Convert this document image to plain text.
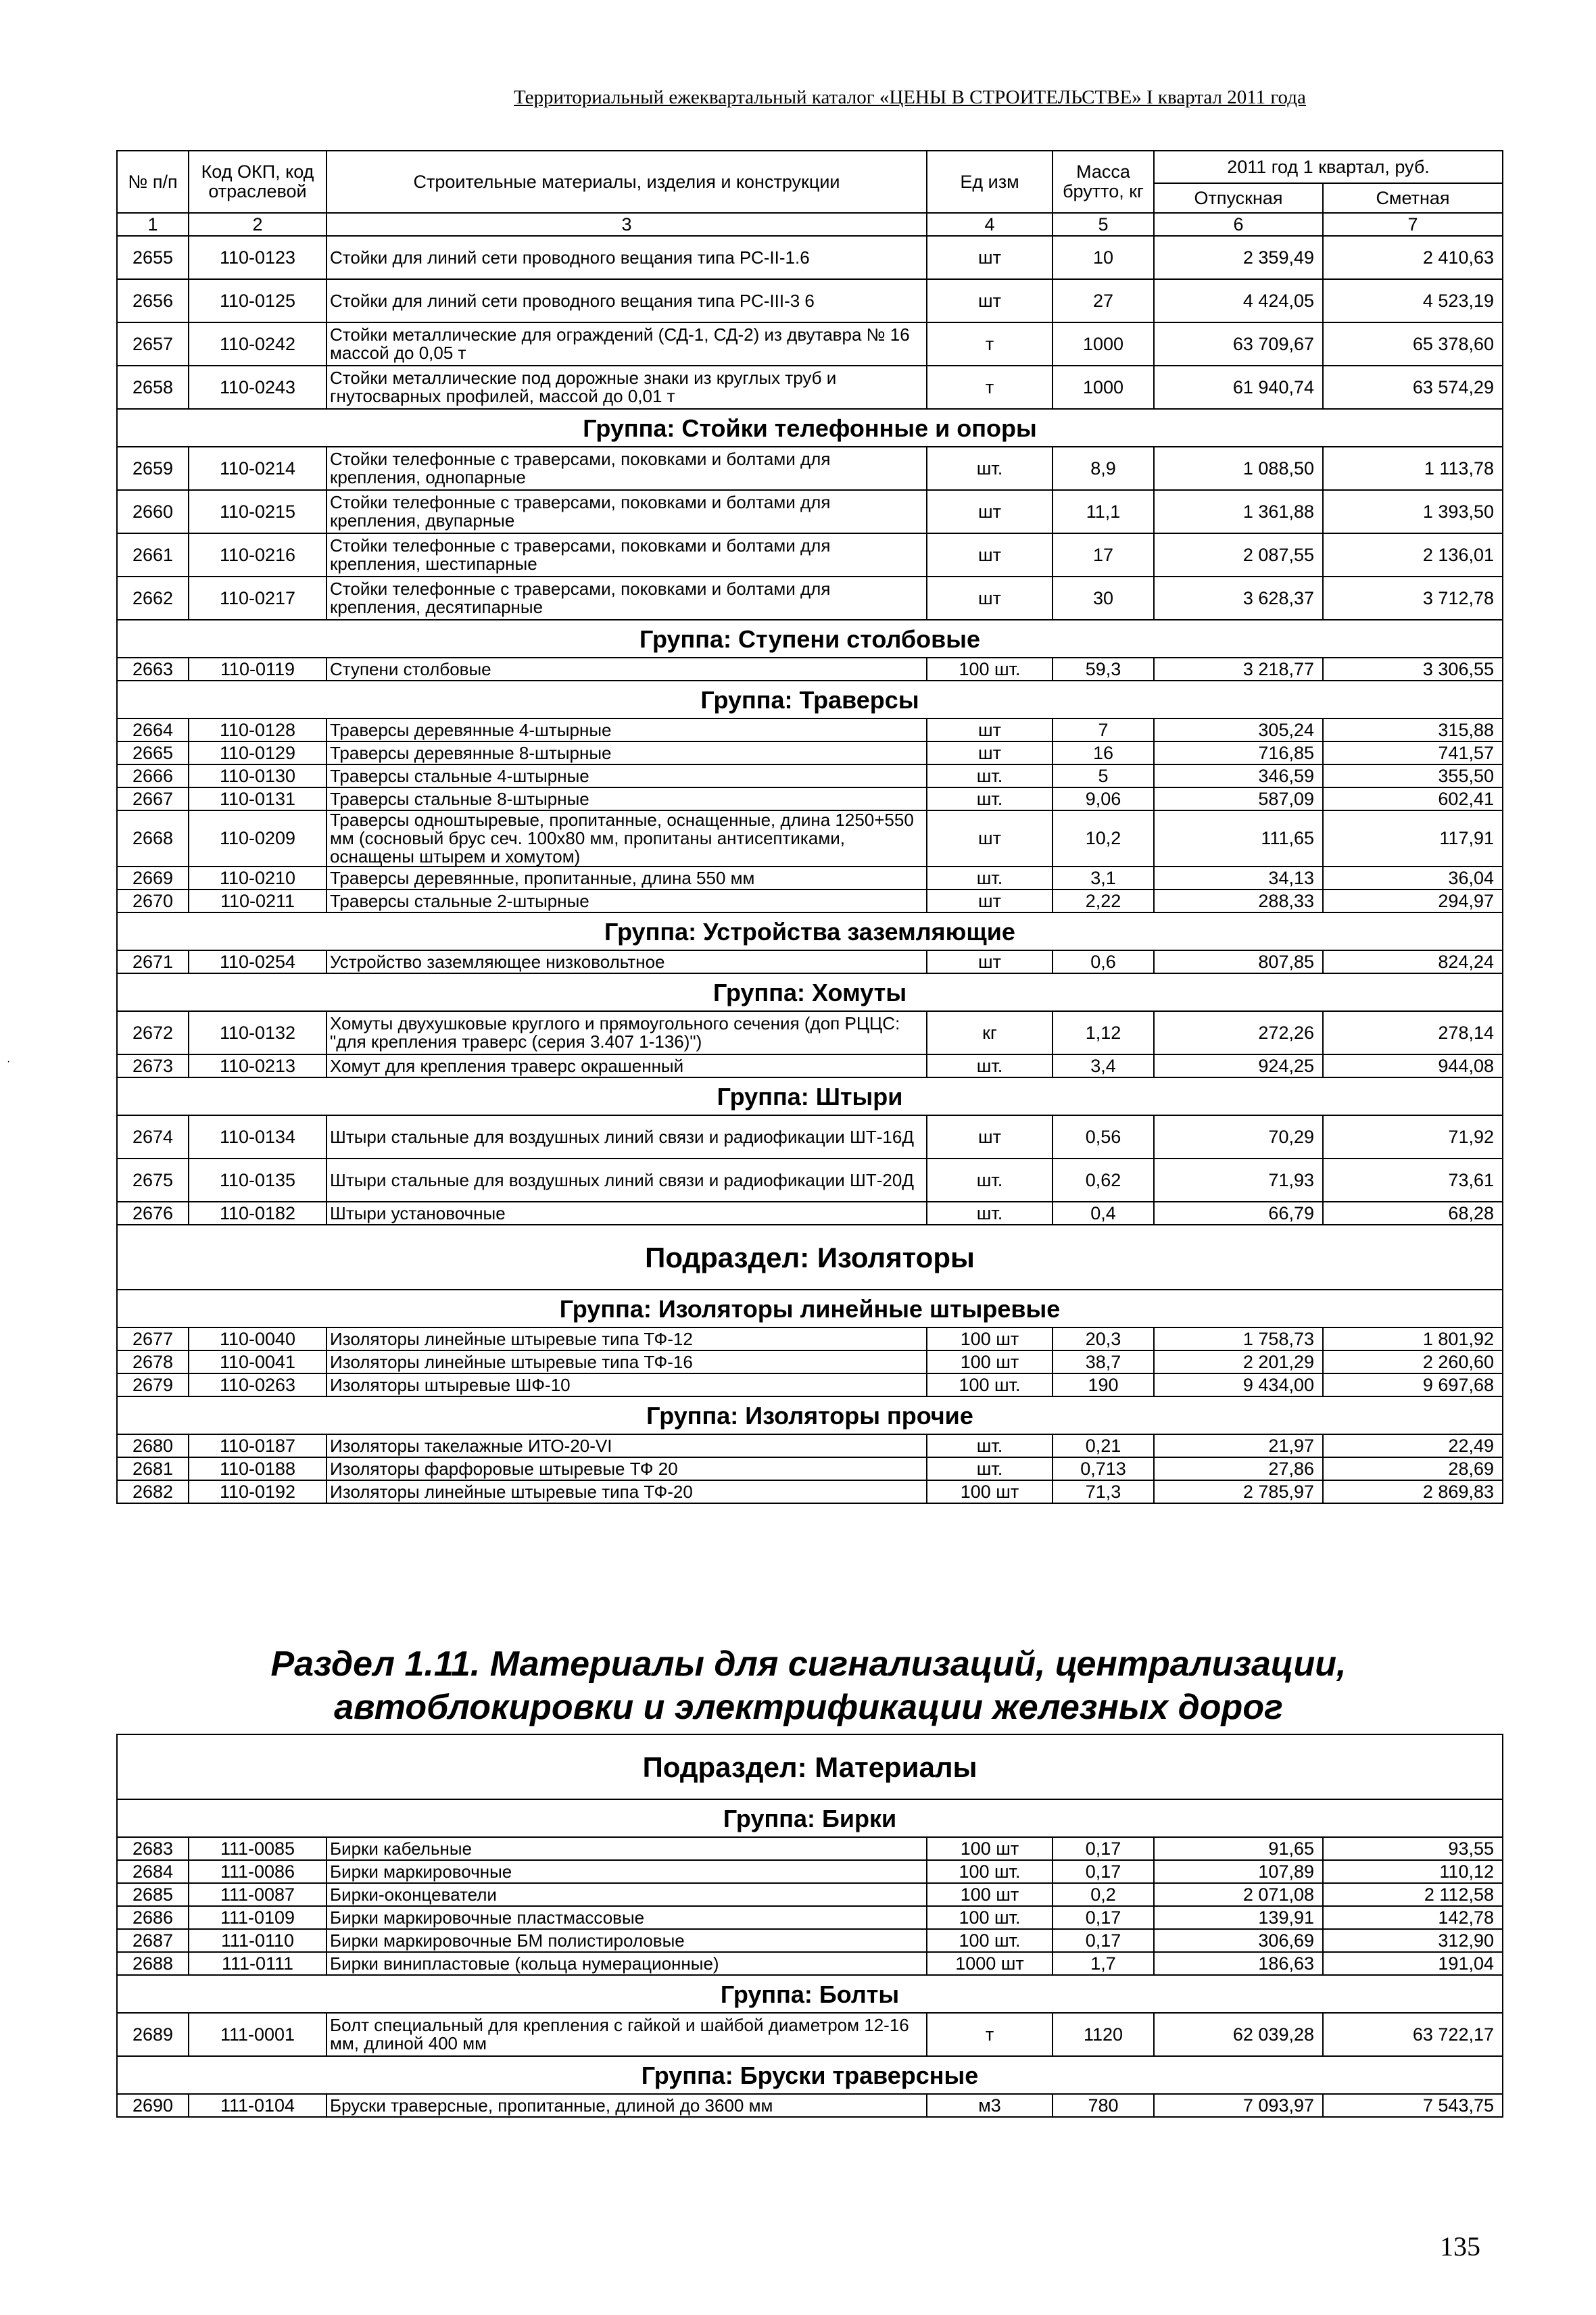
Территориальный ежеквартальный каталог «ЦЕНЫ В СТРОИТЕЛЬСТВЕ» I квартал 2011 года
·
№ п/п	Код ОКП, код отраслевой	Строительные материалы, изделия и конструкции	Ед изм	Масса брутто, кг	2011 год 1 квартал, руб.	
					Отпускная	Сметная
1	2	3	4	5	6	7
2655	110-0123	Стойки для линий сети проводного вещания типа РС-II-1.6	шт	10	2 359,49	2 410,63
2656	110-0125	Стойки для линий сети проводного вещания типа РС-III-3 6	шт	27	4 424,05	4 523,19
2657	110-0242	Стойки металлические для ограждений (СД-1, СД-2) из двутавра № 16 массой до 0,05 т	т	1000	63 709,67	65 378,60
2658	110-0243	Стойки металлические под дорожные знаки из круглых труб и гнутосварных профилей, массой до 0,01 т	т	1000	61 940,74	63 574,29
Группа: Стойки телефонные и опоры						
2659	110-0214	Стойки телефонные с траверсами, поковками и болтами для крепления, однопарные	шт.	8,9	1 088,50	1 113,78
2660	110-0215	Стойки телефонные с траверсами, поковками и болтами для крепления, двупарные	шт	11,1	1 361,88	1 393,50
2661	110-0216	Стойки телефонные с траверсами, поковками и болтами для крепления, шестипарные	шт	17	2 087,55	2 136,01
2662	110-0217	Стойки телефонные с траверсами, поковками и болтами для крепления, десятипарные	шт	30	3 628,37	3 712,78
Группа: Ступени столбовые						
2663	110-0119	Ступени столбовые	100 шт.	59,3	3 218,77	3 306,55
Группа: Траверсы						
2664	110-0128	Траверсы деревянные 4-штырные	шт	7	305,24	315,88
2665	110-0129	Траверсы деревянные 8-штырные	шт	16	716,85	741,57
2666	110-0130	Траверсы стальные 4-штырные	шт.	5	346,59	355,50
2667	110-0131	Траверсы стальные 8-штырные	шт.	9,06	587,09	602,41
2668	110-0209	Траверсы одноштыревые, пропитанные, оснащенные, длина 1250+550 мм (сосновый брус сеч. 100х80 мм, пропитаны антисептиками, оснащены штырем и хомутом)	шт	10,2	111,65	117,91
2669	110-0210	Траверсы деревянные, пропитанные, длина 550 мм	шт.	3,1	34,13	36,04
2670	110-0211	Траверсы стальные 2-штырные	шт	2,22	288,33	294,97
Группа: Устройства заземляющие						
2671	110-0254	Устройство заземляющее низковольтное	шт	0,6	807,85	824,24
Группа: Хомуты						
2672	110-0132	Хомуты двухушковые круглого и прямоугольного сечения (доп РЦЦС: "для крепления траверс (серия 3.407 1-136)")	кг	1,12	272,26	278,14
2673	110-0213	Хомут для крепления траверс окрашенный	шт.	3,4	924,25	944,08
Группа: Штыри						
2674	110-0134	Штыри стальные для воздушных линий связи и радиофикации ШТ-16Д	шт	0,56	70,29	71,92
2675	110-0135	Штыри стальные для воздушных линий связи и радиофикации ШТ-20Д	шт.	0,62	71,93	73,61
2676	110-0182	Штыри установочные	шт.	0,4	66,79	68,28
Подраздел: Изоляторы						
Группа: Изоляторы линейные штыревые						
2677	110-0040	Изоляторы линейные штыревые типа ТФ-12	100 шт	20,3	1 758,73	1 801,92
2678	110-0041	Изоляторы линейные штыревые типа ТФ-16	100 шт	38,7	2 201,29	2 260,60
2679	110-0263	Изоляторы штыревые ШФ-10	100 шт.	190	9 434,00	9 697,68
Группа: Изоляторы прочие						
2680	110-0187	Изоляторы такелажные ИТО-20-VI	шт.	0,21	21,97	22,49
2681	110-0188	Изоляторы фарфоровые штыревые ТФ 20	шт.	0,713	27,86	28,69
2682	110-0192	Изоляторы линейные штыревые типа ТФ-20	100 шт	71,3	2 785,97	2 869,83
Раздел 1.11. Материалы для сигнализаций, централизации, автоблокировки и электрификации железных дорог
Подраздел: Материалы						
Группа: Бирки						
2683	111-0085	Бирки кабельные	100 шт	0,17	91,65	93,55
2684	111-0086	Бирки маркировочные	100 шт.	0,17	107,89	110,12
2685	111-0087	Бирки-оконцеватели	100 шт	0,2	2 071,08	2 112,58
2686	111-0109	Бирки маркировочные пластмассовые	100 шт.	0,17	139,91	142,78
2687	111-0110	Бирки маркировочные БМ полистироловые	100 шт.	0,17	306,69	312,90
2688	111-0111	Бирки винипластовые (кольца нумерационные)	1000 шт	1,7	186,63	191,04
Группа: Болты						
2689	111-0001	Болт специальный для крепления с гайкой и шайбой диаметром 12-16 мм, длиной 400 мм	т	1120	62 039,28	63 722,17
Группа: Бруски траверсные						
2690	111-0104	Бруски траверсные, пропитанные, длиной до 3600 мм	м3	780	7 093,97	7 543,75
135
